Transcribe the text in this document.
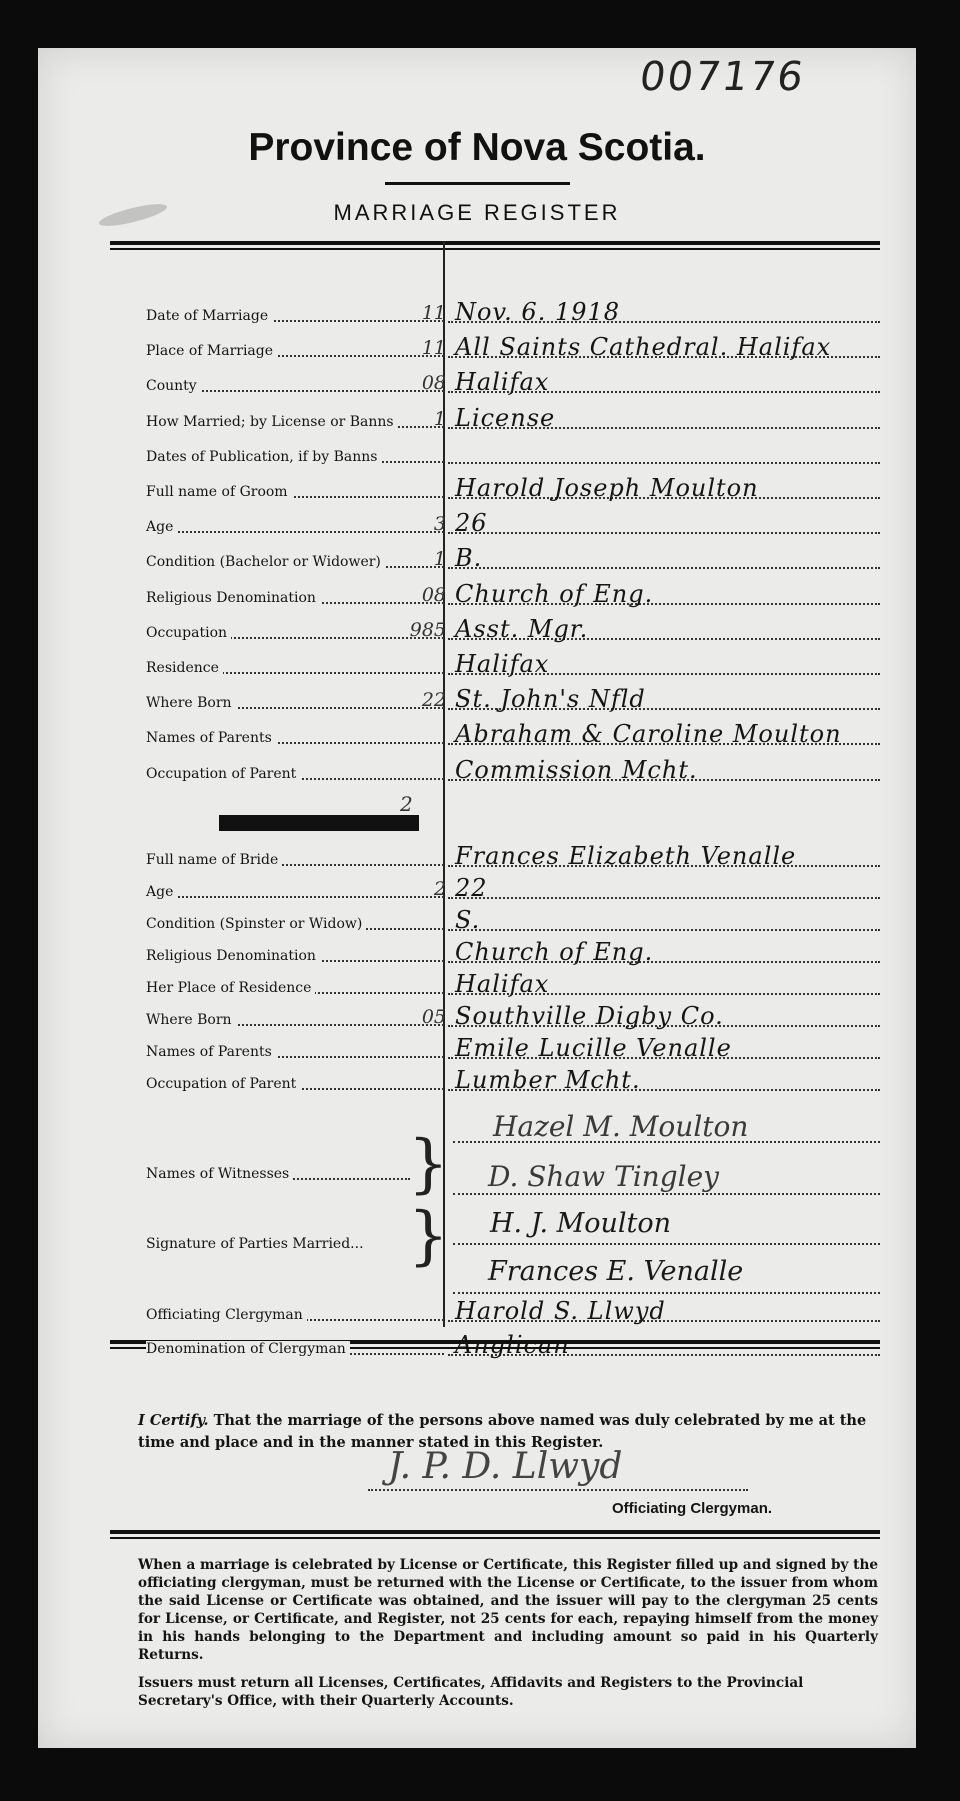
007176
Province of Nova Scotia.
MARRIAGE REGISTER
Date of Marriage	11 Nov. 6. 1918
Place of Marriage	11 All Saints Cathedral. Halifax
County	08 Halifax
How Married; by License or Banns	1 License
Dates of Publication, if by Banns
Full name of Groom	Harold Joseph Moulton
Age	3 26
Condition (Bachelor or Widower)	1 B.
Religious Denomination	08 Church of Eng.
Occupation	985 Asst. Mgr.
Residence	Halifax
Where Born	22 St. John's Nfld
Names of Parents	Abraham & Caroline Moulton
Occupation of Parent	Commission Mcht.
2
Full name of Bride	Frances Elizabeth Venalle
Age	2 22
Condition (Spinster or Widow)	S.
Religious Denomination	Church of Eng.
Her Place of Residence	Halifax
Where Born	05 Southville Digby Co.
Names of Parents	Emile Lucille Venalle
Occupation of Parent	Lumber Mcht.
Names of Witnesses }
Hazel M. Moulton
D. Shaw Tingley
Signature of Parties Married... } H. J. Moulton
Frances E. Venalle
Officiating Clergyman	Harold S. Llwyd
Denomination of Clergyman	Anglican
I Certify. That the marriage of the persons above named was duly celebrated by me at the time and place and in the manner stated in this Register.
J. P. D. Llwyd
Officiating Clergyman.
When a marriage is celebrated by License or Certificate, this Register filled up and signed by the officiating clergyman, must be returned with the License or Certificate, to the issuer from whom the said License or Certificate was obtained, and the issuer will pay to the clergyman 25 cents for License, or Certificate, and Register, not 25 cents for each, repaying himself from the money in his hands belonging to the Department and including amount so paid in his Quarterly Returns.
Issuers must return all Licenses, Certificates, Affidavits and Registers to the Provincial Secretary's Office, with their Quarterly Accounts.
